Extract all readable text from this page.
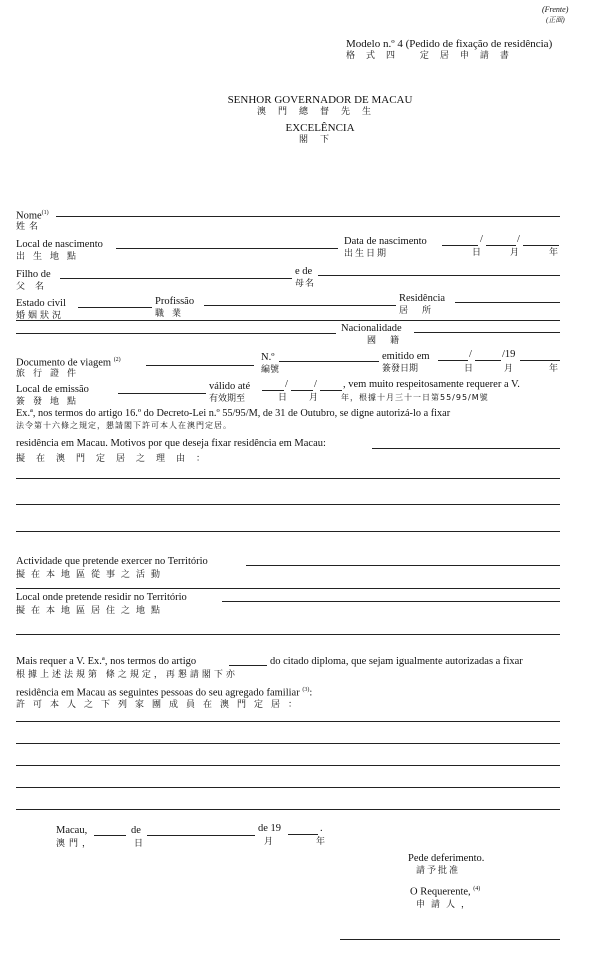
(Frente)
(正面)
Modelo n.º 4 (Pedido de fixação de residência)
格式四 定居申請書
SENHOR GOVERNADOR DE MACAU
澳門總督先生
EXCELÊNCIA
閣下
Nome$^{(1)}$
姓名
Local de nascimento
出生地點
Data de nascimento
出生日期
/	/
日	月	年
Filho de
父名
e de
母名
Estado civil
婚姻狀況
Profissão
職業
Residência
居所
Nacionalidade
國籍
Documento de viagem $^{(2)}$
旅行證件
N.º
編號
emitido em
簽發日期
/	/19
日	月	年
Local de emissão
簽發地點
válido até
有效期至
/ / , vem muito respeitosamente requerer a V.
日 月 年，根據十月三十一日第55/95/M號
Ex.ª, nos termos do artigo 16.º do Decreto-Lei n.º 55/95/M, de 31 de Outubro, se digne autorizá-lo a fixar
法令第十六條之規定，懇請閣下許可本人在澳門定居。
residência em Macau. Motivos por que deseja fixar residência em Macau:
擬在澳門定居之理由：
Actividade que pretende exercer no Território
擬在本地區從事之活動
Local onde pretende residir no Território
擬在本地區居住之地點
Mais requer a V. Ex.ª, nos termos do artigo	do citado diploma, que sejam igualmente autorizadas a fixar
根據上述法規第 條之規定，再懇請閣下亦
residência em Macau as seguintes pessoas do seu agregado familiar $^{(3)}$:
許可本人之下列家團成員在澳門定居：
Macau,	de	de 19	.
澳門，	日	月	年
Pede deferimento.
請予批准
O Requerente, $^{(4)}$
申請人，
